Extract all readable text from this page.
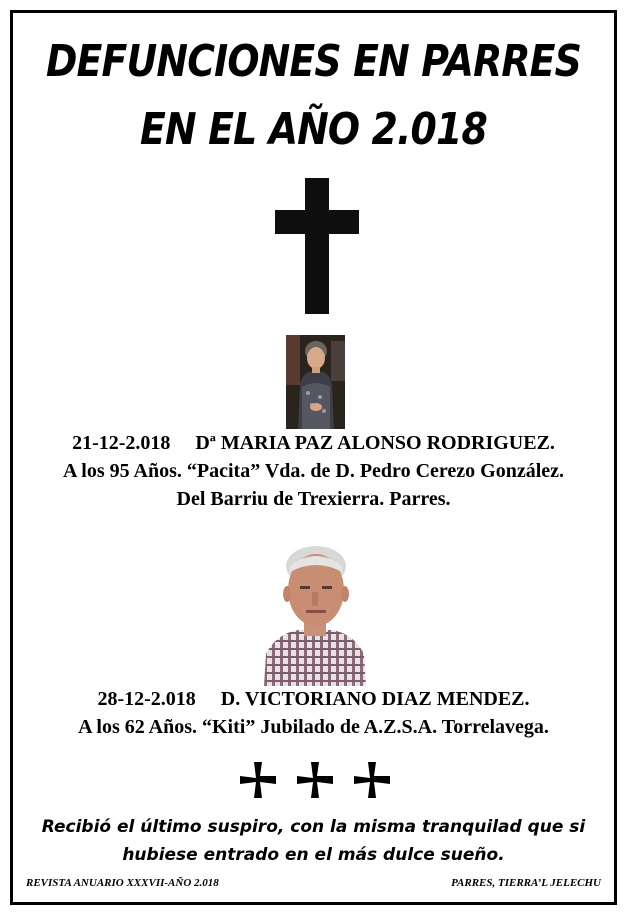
DEFUNCIONES EN PARRES
EN EL AÑO 2.018
21-12-2.018     Dª MARIA PAZ ALONSO RODRIGUEZ.
A los 95 Años. “Pacita” Vda. de D. Pedro Cerezo González.
Del Barriu de Trexierra. Parres.
28-12-2.018     D. VICTORIANO DIAZ MENDEZ.
A los 62 Años. “Kiti” Jubilado de A.Z.S.A. Torrelavega.
Recibió el último suspiro, con la misma tranquilad que si
hubiese entrado en el más dulce sueño.
REVISTA ANUARIO XXXVII-AÑO 2.018	PARRES, TIERRA’L JELECHU
